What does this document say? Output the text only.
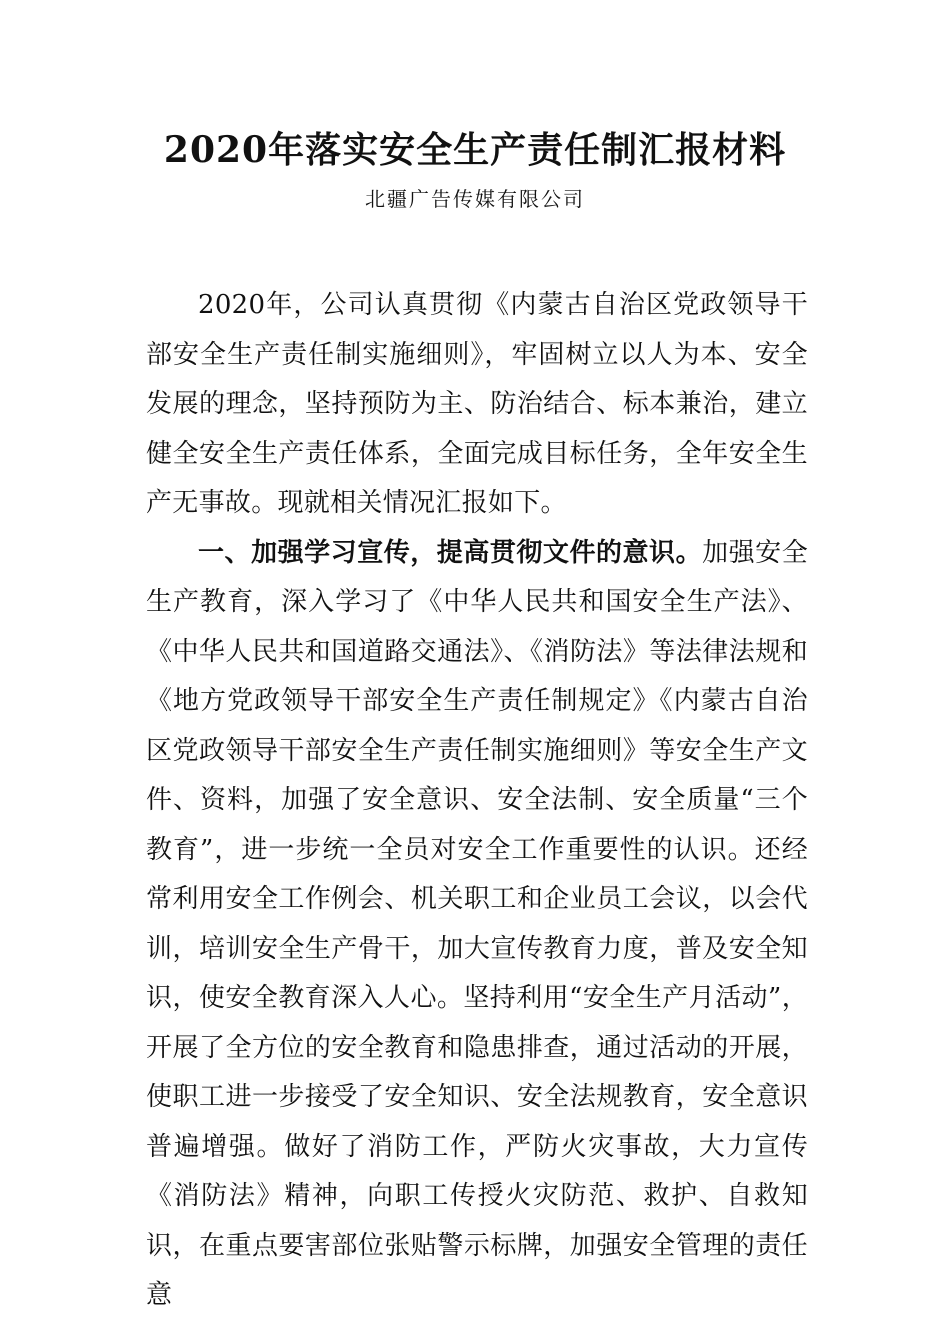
2020年落实安全生产责任制汇报材料
北疆广告传媒有限公司

2020年，公司认真贯彻《内蒙古自治区党政领导干部安全生产责任制实施细则》，牢固树立以人为本、安全发展的理念，坚持预防为主、防治结合、标本兼治，建立健全安全生产责任体系，全面完成目标任务，全年安全生产无事故。现就相关情况汇报如下。

一、加强学习宣传，提高贯彻文件的意识。加强安全生产教育，深入学习了《中华人民共和国安全生产法》、《中华人民共和国道路交通法》、《消防法》等法律法规和《地方党政领导干部安全生产责任制规定》《内蒙古自治区党政领导干部安全生产责任制实施细则》等安全生产文件、资料，加强了安全意识、安全法制、安全质量“三个教育”，进一步统一全员对安全工作重要性的认识。还经常利用安全工作例会、机关职工和企业员工会议，以会代训，培训安全生产骨干，加大宣传教育力度，普及安全知识，使安全教育深入人心。坚持利用“安全生产月活动”，开展了全方位的安全教育和隐患排查，通过活动的开展，使职工进一步接受了安全知识、安全法规教育，安全意识普遍增强。做好了消防工作，严防火灾事故，大力宣传《消防法》精神，向职工传授火灾防范、救护、自救知识，在重点要害部位张贴警示标牌，加强安全管理的责任意
